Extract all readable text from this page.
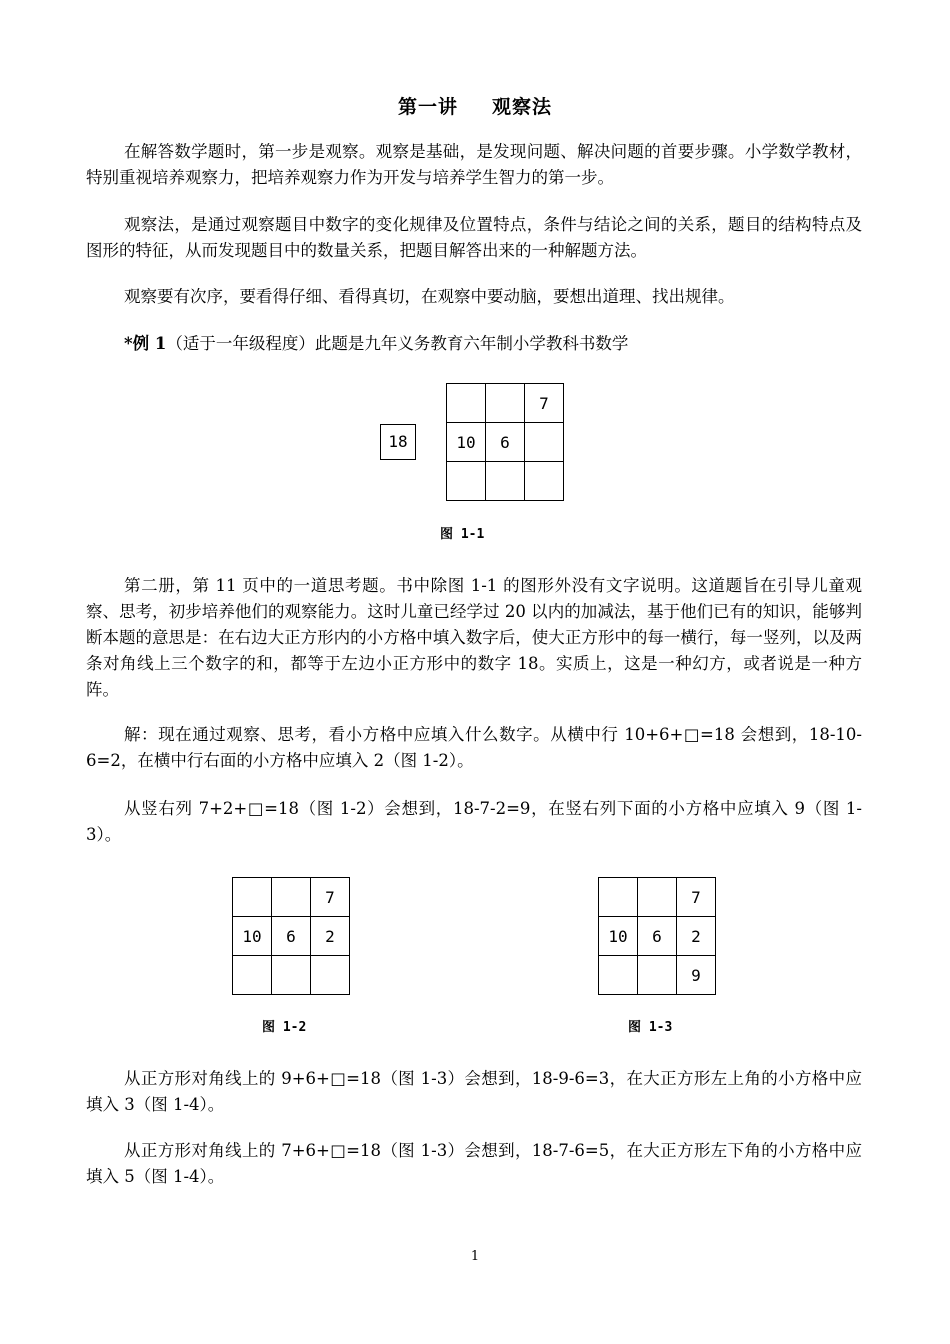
第一讲 观察法

在解答数学题时，第一步是观察。观察是基础，是发现问题、解决问题的首要步骤。小学数学教材，特别重视培养观察力，把培养观察力作为开发与培养学生智力的第一步。

观察法，是通过观察题目中数字的变化规律及位置特点，条件与结论之间的关系，题目的结构特点及图形的特征，从而发现题目中的数量关系，把题目解答出来的一种解题方法。

观察要有次序，要看得仔细、看得真切，在观察中要动脑，要想出道理、找出规律。

*例 1（适于一年级程度）此题是九年义务教育六年制小学教科书数学

18
		7
10	6	

图 1-1

第二册，第 11 页中的一道思考题。书中除图 1-1 的图形外没有文字说明。这道题旨在引导儿童观察、思考，初步培养他们的观察能力。这时儿童已经学过 20 以内的加减法，基于他们已有的知识，能够判断本题的意思是：在右边大正方形内的小方格中填入数字后，使大正方形中的每一横行，每一竖列，以及两条对角线上三个数字的和，都等于左边小正方形中的数字 18。实质上，这是一种幻方，或者说是一种方阵。

解：现在通过观察、思考，看小方格中应填入什么数字。从横中行 10+6+□=18 会想到，18-10-6=2，在横中行右面的小方格中应填入 2（图 1-2）。

从竖右列 7+2+□=18（图 1-2）会想到，18-7-2=9，在竖右列下面的小方格中应填入 9（图 1-3）。

		7
10	6	2

图 1-2
		7
10	6	2
		9
图 1-3

从正方形对角线上的 9+6+□=18（图 1-3）会想到，18-9-6=3，在大正方形左上角的小方格中应填入 3（图 1-4）。

从正方形对角线上的 7+6+□=18（图 1-3）会想到，18-7-6=5，在大正方形左下角的小方格中应填入 5（图 1-4）。

1
